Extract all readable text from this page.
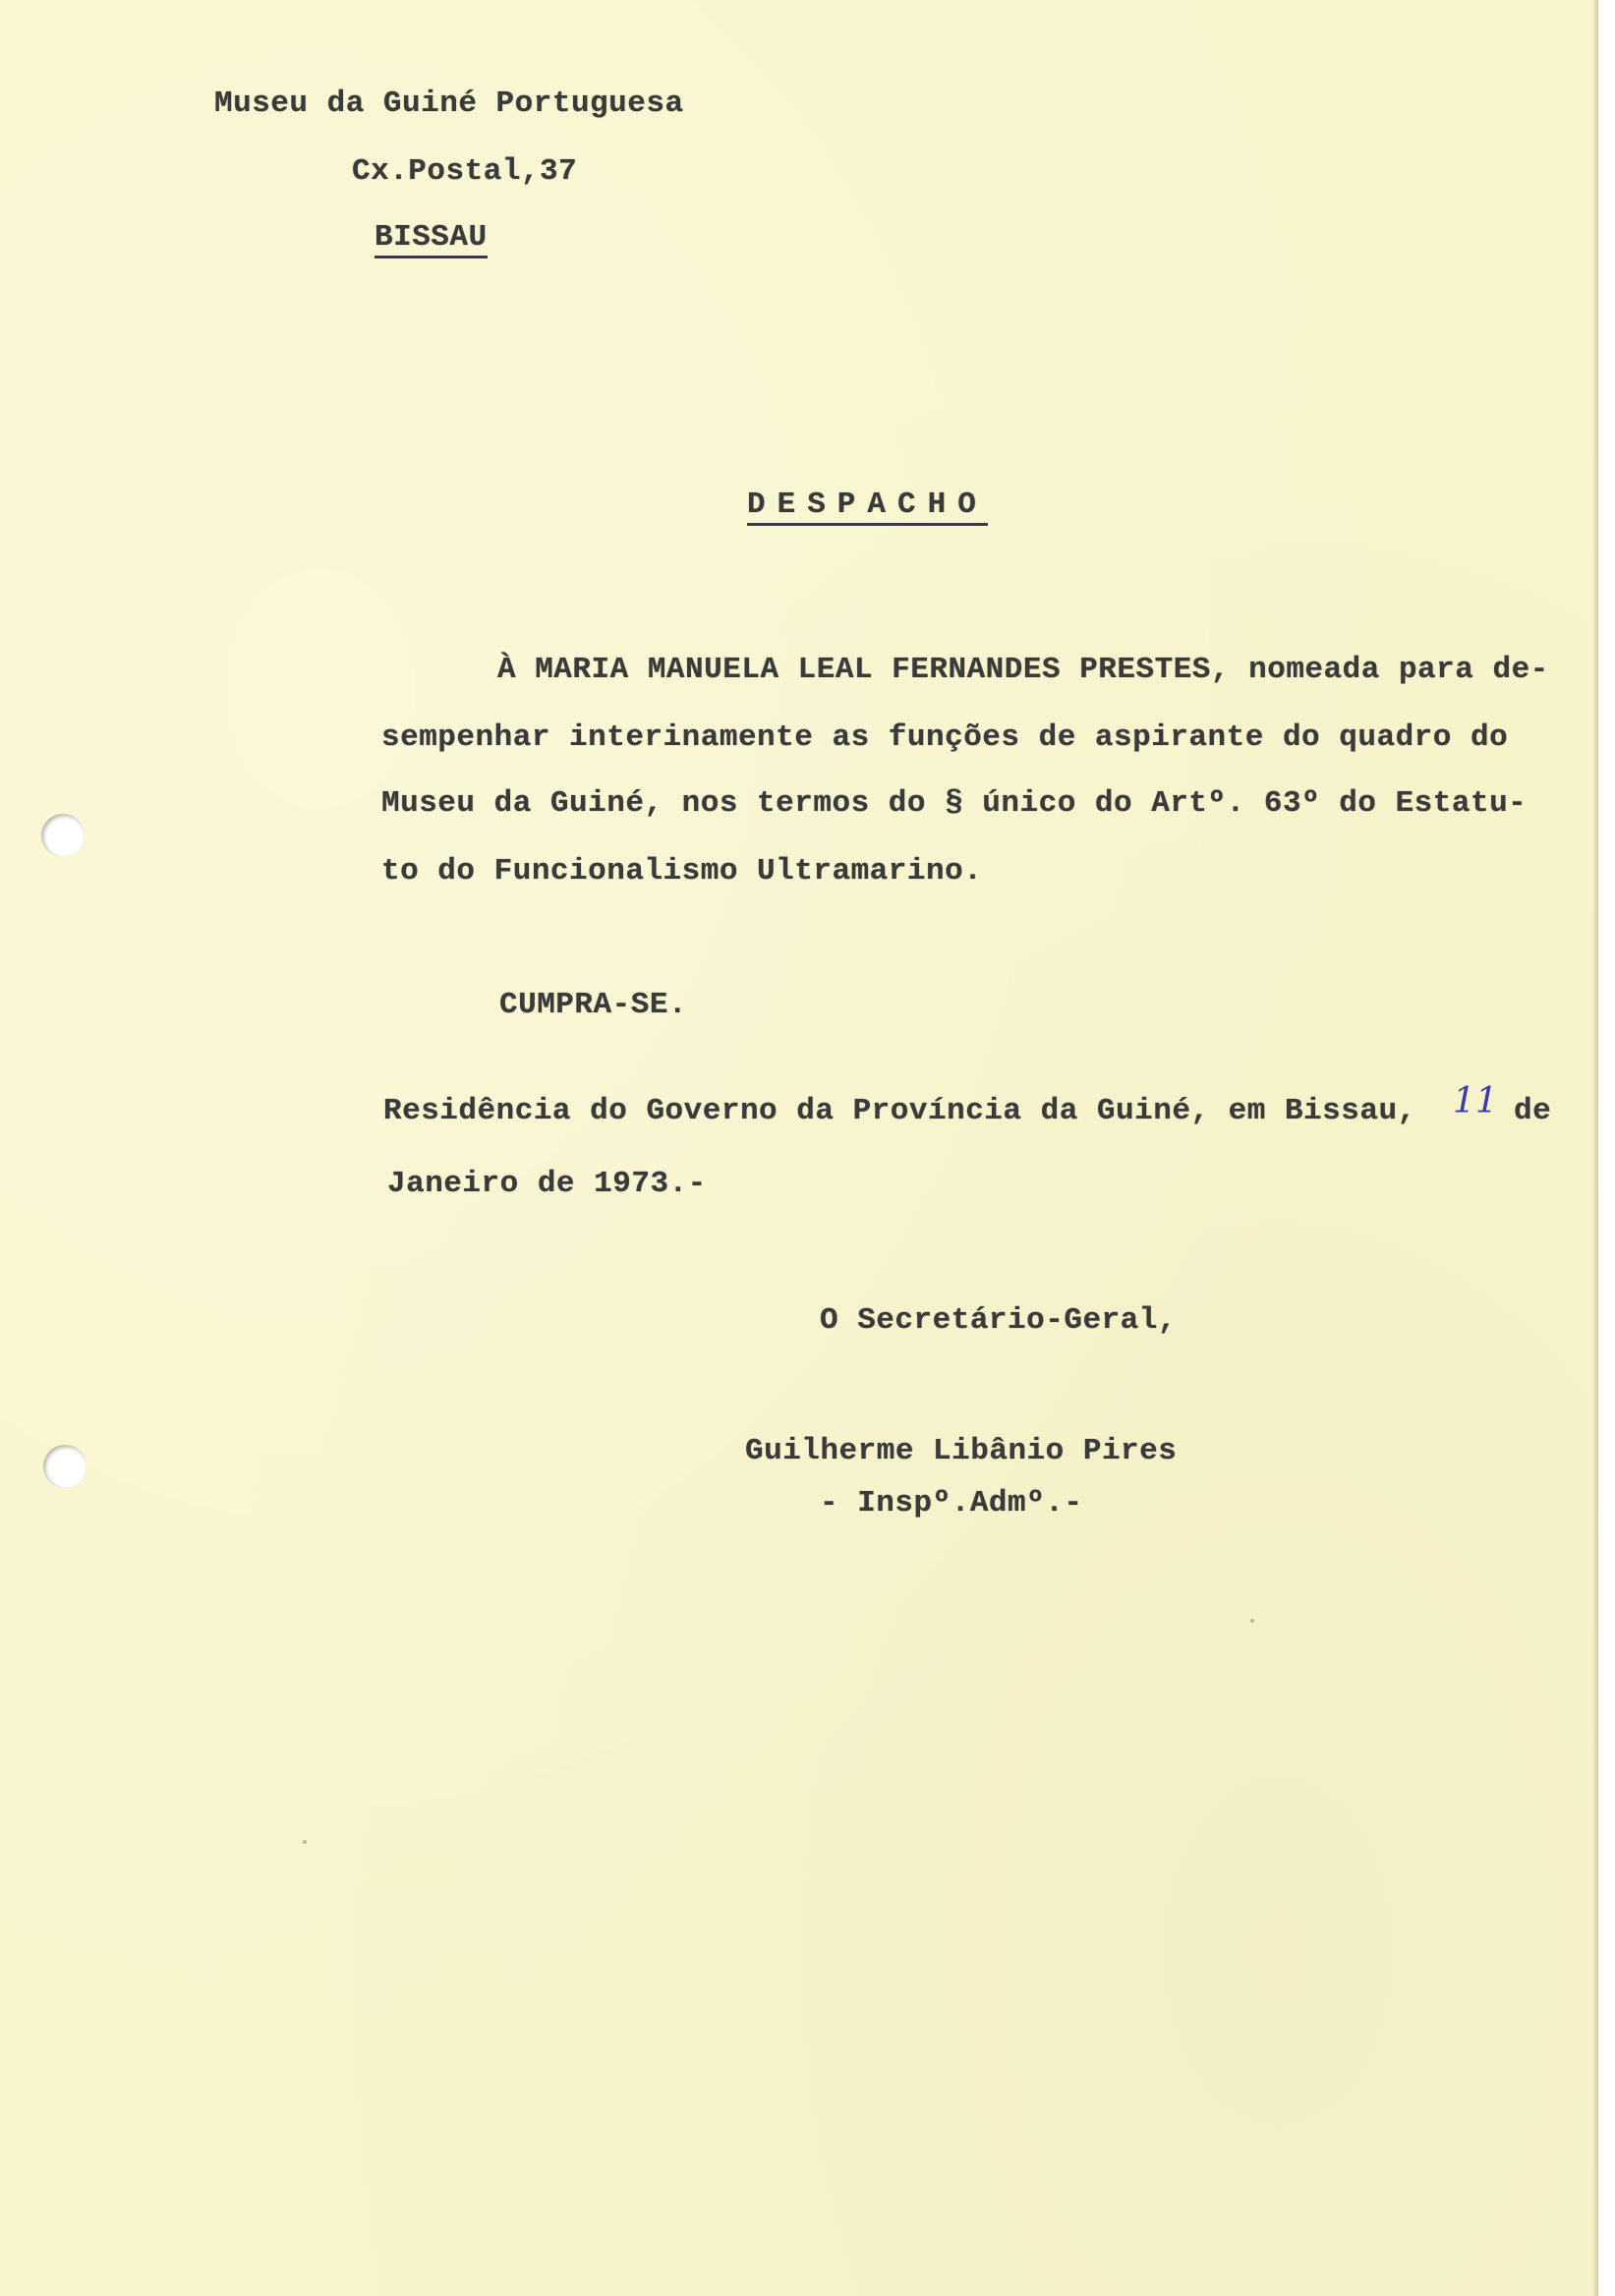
Museu da Guiné Portuguesa
Cx.Postal,37
BISSAU
DESPACHO
À MARIA MANUELA LEAL FERNANDES PRESTES, nomeada para de-
sempenhar interinamente as funções de aspirante do quadro do
Museu da Guiné, nos termos do § único do Artº. 63º do Estatu-
to do Funcionalismo Ultramarino.
CUMPRA-SE.
Residência do Governo da Província da Guiné, em Bissau, 11 de
Janeiro de 1973.-
O Secretário-Geral,
Guilherme Libânio Pires
- Inspº.Admº.-
